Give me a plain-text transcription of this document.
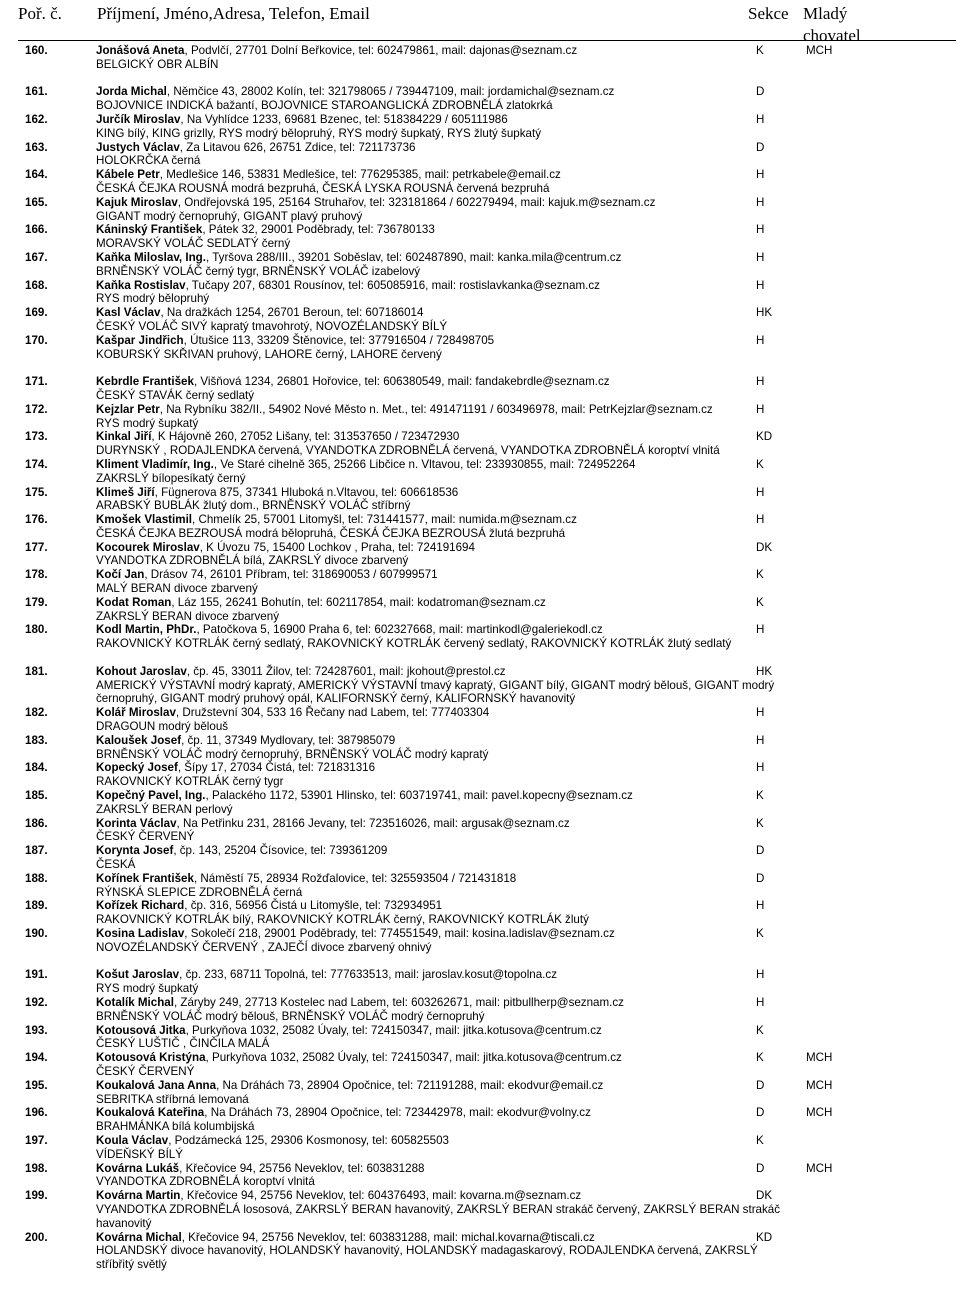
Poř. č. Příjmení, Jméno,Adresa, Telefon, Email	Sekce Mladý chovatel
160.	Jonášová Aneta, Podvlčí, 27701 Dolní Beřkovice, tel: 602479861, mail: dajonas@seznam.cz
BELGICKÝ OBR ALBÍN
K	MCH
161.	Jorda Michal, Němčice 43, 28002 Kolín, tel: 321798065 / 739447109, mail: jordamichal@seznam.cz
BOJOVNICE INDICKÁ bažantí, BOJOVNICE STAROANGLICKÁ ZDROBNĚLÁ zlatokrká
D
162.	Jurčík Miroslav, Na Vyhlídce 1233, 69681 Bzenec, tel: 518384229 / 605111986
KING bílý, KING grizlly, RYS modrý bělopruhý, RYS modrý šupkatý, RYS žlutý šupkatý
H
163.	Justych Václav, Za Litavou 626, 26751 Zdice, tel: 721173736
HOLOKRČKA černá
D
164.	Kábele Petr, Medlešice 146, 53831 Medlešice, tel: 776295385, mail: petrkabele@email.cz
ČESKÁ ČEJKA ROUSNÁ modrá bezpruhá, ČESKÁ LYSKA ROUSNÁ červená bezpruhá
H
165.	Kajuk Miroslav, Ondřejovská 195, 25164 Struhařov, tel: 323181864 / 602279494, mail: kajuk.m@seznam.cz
GIGANT modrý černopruhý, GIGANT plavý pruhový
H
166.	Káninský František, Pátek 32, 29001 Poděbrady, tel: 736780133
MORAVSKÝ VOLÁČ SEDLATÝ černý
H
167.	Kaňka Miloslav, Ing., Tyršova 288/III., 39201 Soběslav, tel: 602487890, mail: kanka.mila@centrum.cz
BRNĚNSKÝ VOLÁČ černý tygr, BRNĚNSKÝ VOLÁČ izabelový
H
168.	Kaňka Rostislav, Tučapy 207, 68301 Rousínov, tel: 605085916, mail: rostislavkanka@seznam.cz
RYS modrý bělopruhý
H
169.	Kasl Václav, Na dražkách 1254, 26701 Beroun, tel: 607186014
ČESKÝ VOLÁČ SIVÝ kapratý tmavohrotý, NOVOZÉLANDSKÝ BÍLÝ
HK
170.	Kašpar Jindřich, Útušice 113, 33209 Štěnovice, tel: 377916504 / 728498705
KOBURSKÝ SKŘIVAN pruhový, LAHORE černý, LAHORE červený
H
171.	Kebrdle František, Višňová 1234, 26801 Hořovice, tel: 606380549, mail: fandakebrdle@seznam.cz
ČESKÝ STAVÁK černý sedlatý
H
172.	Kejzlar Petr, Na Rybníku 382/II., 54902 Nové Město n. Met., tel: 491471191 / 603496978, mail: PetrKejzlar@seznam.cz
RYS modrý šupkatý
H
173.	Kinkal Jiří, K Hájovně 260, 27052 Lišany, tel: 313537650 / 723472930
DURYNSKÝ , RODAJLENDKA červená, VYANDOTKA ZDROBNĚLÁ červená, VYANDOTKA ZDROBNĚLÁ koroptví vlnitá
KD
174.	Kliment Vladimír, Ing., Ve Staré cihelně 365, 25266 Libčice n. Vltavou, tel: 233930855, mail: 724952264
ZAKRSLÝ bílopesíkatý černý
K
175.	Klimeš Jiří, Fügnerova 875, 37341 Hluboká n.Vltavou, tel: 606618536
ARABSKÝ BUBLÁK žlutý dom., BRNĚNSKÝ VOLÁČ stříbrný
H
176.	Kmošek Vlastimil, Chmelík 25, 57001 Litomyšl, tel: 731441577, mail: numida.m@seznam.cz
ČESKÁ ČEJKA BEZROUSÁ modrá bělopruhá, ČESKÁ ČEJKA BEZROUSÁ žlutá bezpruhá
H
177.	Kocourek Miroslav, K Úvozu 75, 15400 Lochkov , Praha, tel: 724191694
VYANDOTKA ZDROBNĚLÁ bílá, ZAKRSLÝ divoce zbarvený
DK
178.	Kočí Jan, Drásov 74, 26101 Příbram, tel: 318690053 / 607999571
MALÝ BERAN divoce zbarvený
K
179.	Kodat Roman, Láz 155, 26241 Bohutín, tel: 602117854, mail: kodatroman@seznam.cz
ZAKRSLÝ BERAN divoce zbarvený
K
180.	Kodl Martin, PhDr., Patočkova 5, 16900 Praha 6, tel: 602327668, mail: martinkodl@galeriekodl.cz
RAKOVNICKÝ KOTRLÁK černý sedlatý, RAKOVNICKÝ KOTRLÁK červený sedlatý, RAKOVNICKÝ KOTRLÁK žlutý sedlatý
H
181.	Kohout Jaroslav, čp. 45, 33011 Žilov, tel: 724287601, mail: jkohout@prestol.cz
AMERICKÝ VÝSTAVNÍ modrý kapratý, AMERICKÝ VÝSTAVNÍ tmavý kapratý, GIGANT bílý, GIGANT modrý bělouš, GIGANT modrý černopruhý, GIGANT modrý pruhový opál, KALIFORNSKÝ černý, KALIFORNSKÝ havanovitý
HK
182.	Kolář Miroslav, Družstevní 304, 533 16 Řečany nad Labem, tel: 777403304
DRAGOUN modrý bělouš
H
183.	Kaloušek Josef, čp. 11, 37349 Mydlovary, tel: 387985079
BRNĚNSKÝ VOLÁČ modrý černopruhý, BRNĚNSKÝ VOLÁČ modrý kapratý
H
184.	Kopecký Josef, Šípy 17, 27034 Čistá, tel: 721831316
RAKOVNICKÝ KOTRLÁK černý tygr
H
185.	Kopečný Pavel, Ing., Palackého 1172, 53901 Hlinsko, tel: 603719741, mail: pavel.kopecny@seznam.cz
ZAKRSLÝ BERAN perlový
K
186.	Korinta Václav, Na Petřinku 231, 28166 Jevany, tel: 723516026, mail: argusak@seznam.cz
ČESKÝ ČERVENÝ
K
187.	Korynta Josef, čp. 143, 25204 Čísovice, tel: 739361209
ČESKÁ
D
188.	Kořínek František, Náměstí 75, 28934 Rožďalovice, tel: 325593504 / 721431818
RÝNSKÁ SLEPICE ZDROBNĚLÁ černá
D
189.	Kořízek Richard, čp. 316, 56956 Čistá u Litomyšle, tel: 732934951
RAKOVNICKÝ KOTRLÁK bílý, RAKOVNICKÝ KOTRLÁK černý, RAKOVNICKÝ KOTRLÁK žlutý
H
190.	Kosina Ladislav, Sokolečí 218, 29001 Poděbrady, tel: 774551549, mail: kosina.ladislav@seznam.cz
NOVOZÉLANDSKÝ ČERVENÝ , ZAJEČÍ divoce zbarvený ohnivý
K
191.	Košut Jaroslav, čp. 233, 68711 Topolná, tel: 777633513, mail: jaroslav.kosut@topolna.cz
RYS modrý šupkatý
H
192.	Kotalík Michal, Záryby 249, 27713 Kostelec nad Labem, tel: 603262671, mail: pitbullherp@seznam.cz
BRNĚNSKÝ VOLÁČ modrý bělouš, BRNĚNSKÝ VOLÁČ modrý černopruhý
H
193.	Kotousová Jitka, Purkyňova 1032, 25082 Úvaly, tel: 724150347, mail: jitka.kotusova@centrum.cz
ČESKÝ LUŠTIČ , ČINČILA MALÁ
K
194.	Kotousová Kristýna, Purkyňova 1032, 25082 Úvaly, tel: 724150347, mail: jitka.kotusova@centrum.cz
ČESKÝ ČERVENÝ
K	MCH
195.	Koukalová Jana Anna, Na Dráhách 73, 28904 Opočnice, tel: 721191288, mail: ekodvur@email.cz
SEBRITKA stříbrná lemovaná
D	MCH
196.	Koukalová Kateřina, Na Dráhách 73, 28904 Opočnice, tel: 723442978, mail: ekodvur@volny.cz
BRAHMÁNKA bílá kolumbijská
D	MCH
197.	Koula Václav, Podzámecká 125, 29306 Kosmonosy, tel: 605825503
VÍDEŇSKÝ BÍLÝ
K
198.	Kovárna Lukáš, Křečovice 94, 25756 Neveklov, tel: 603831288
VYANDOTKA ZDROBNĚLÁ koroptví vlnitá
D	MCH
199.	Kovárna Martin, Křečovice 94, 25756 Neveklov, tel: 604376493, mail: kovarna.m@seznam.cz
VYANDOTKA ZDROBNĚLÁ lososová, ZAKRSLÝ BERAN havanovitý, ZAKRSLÝ BERAN strakáč červený, ZAKRSLÝ BERAN strakáč havanovitý
DK
200.	Kovárna Michal, Křečovice 94, 25756 Neveklov, tel: 603831288, mail: michal.kovarna@tiscali.cz
HOLANDSKÝ divoce havanovitý, HOLANDSKÝ havanovitý, HOLANDSKÝ madagaskarový, RODAJLENDKA červená, ZAKRSLÝ stříbřitý světlý
KD
